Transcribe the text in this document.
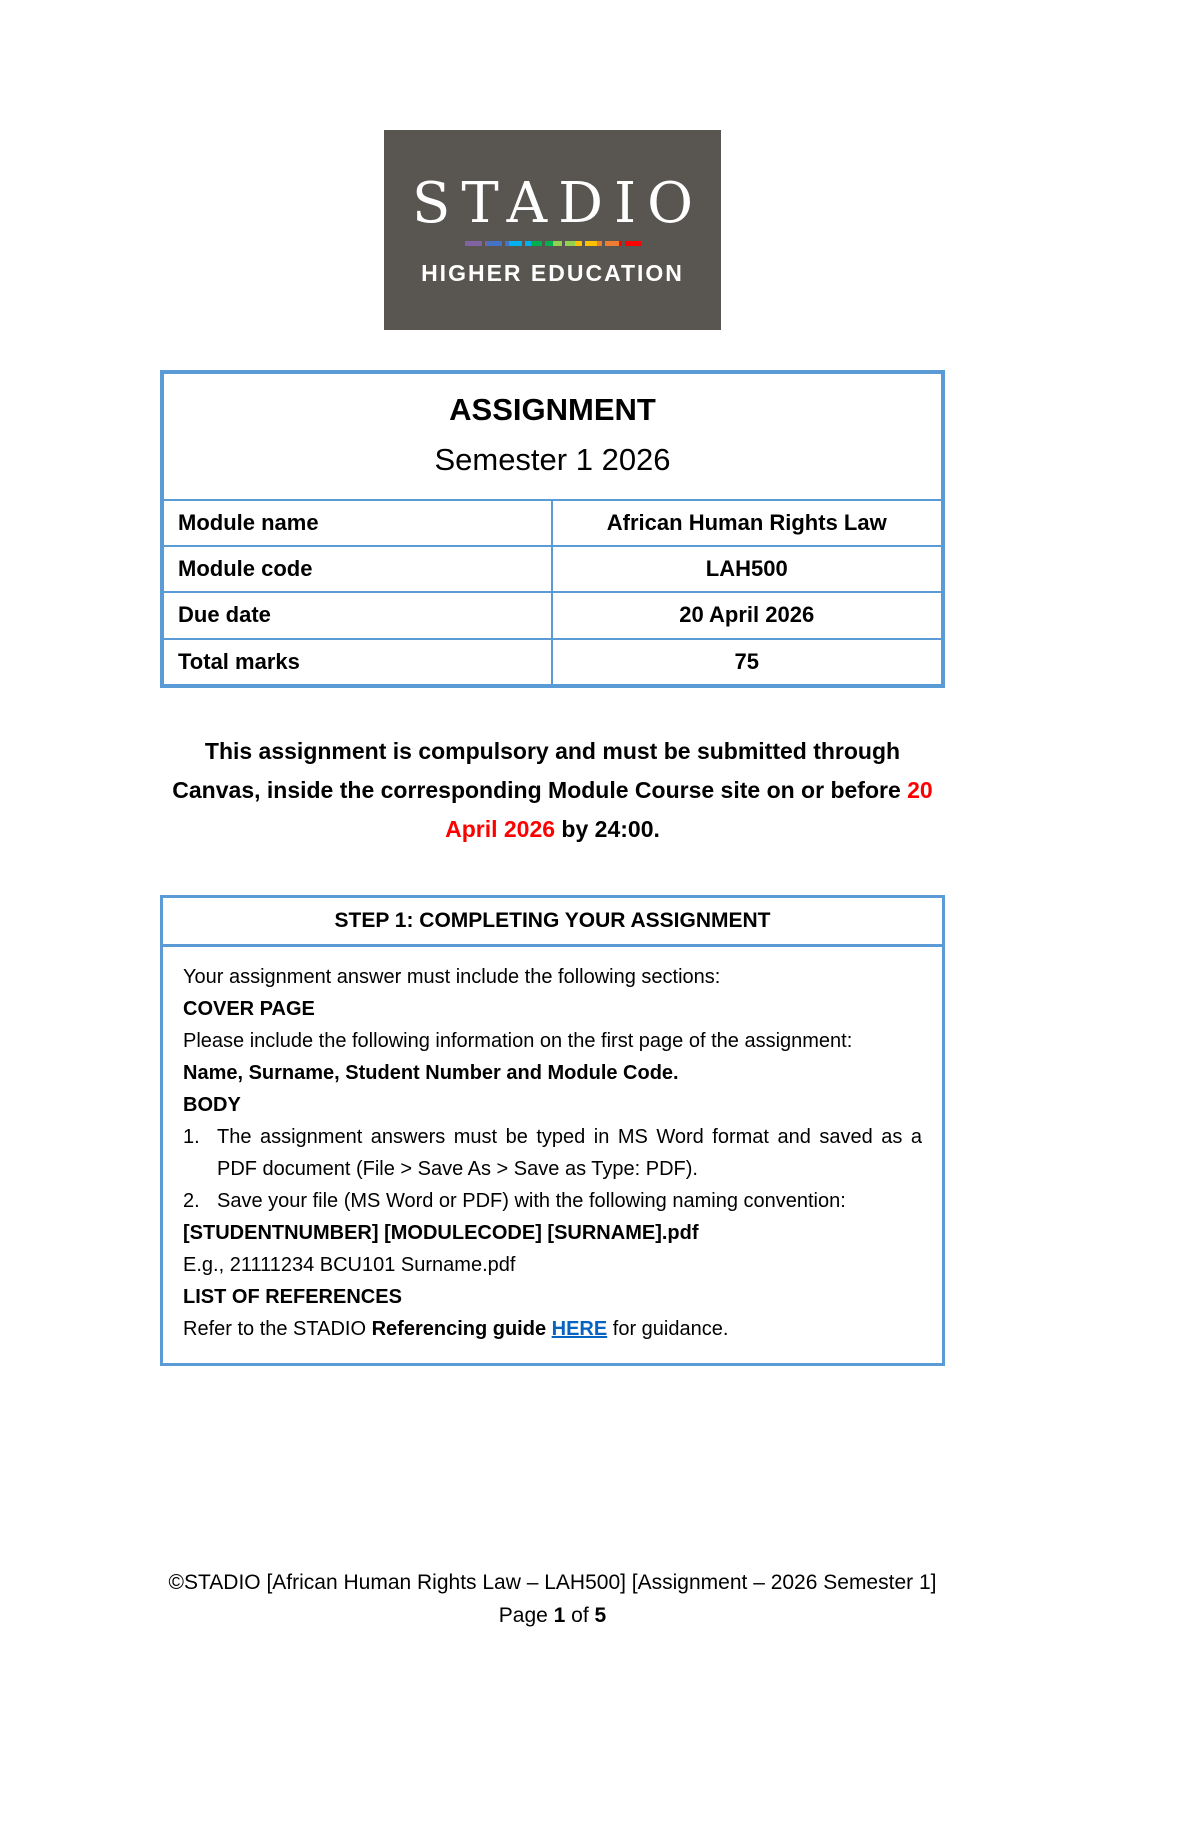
STADIO
HIGHER EDUCATION
ASSIGNMENT
Semester 1 2026
Module name	African Human Rights Law
Module code	LAH500
Due date	20 April 2026
Total marks	75

This assignment is compulsory and must be submitted through Canvas, inside the corresponding Module Course site on or before 20 April 2026 by 24:00.

STEP 1: COMPLETING YOUR ASSIGNMENT

Your assignment answer must include the following sections:

COVER PAGE

Please include the following information on the first page of the assignment:

Name, Surname, Student Number and Module Code.

BODY

1. The assignment answers must be typed in MS Word format and saved as a PDF document (File > Save As > Save as Type: PDF).
2. Save your file (MS Word or PDF) with the following naming convention:

[STUDENTNUMBER] [MODULECODE] [SURNAME].pdf

E.g., 21111234 BCU101 Surname.pdf

LIST OF REFERENCES

Refer to the STADIO Referencing guide HERE for guidance.

©STADIO [African Human Rights Law – LAH500] [Assignment – 2026 Semester 1]
Page 1 of 5
